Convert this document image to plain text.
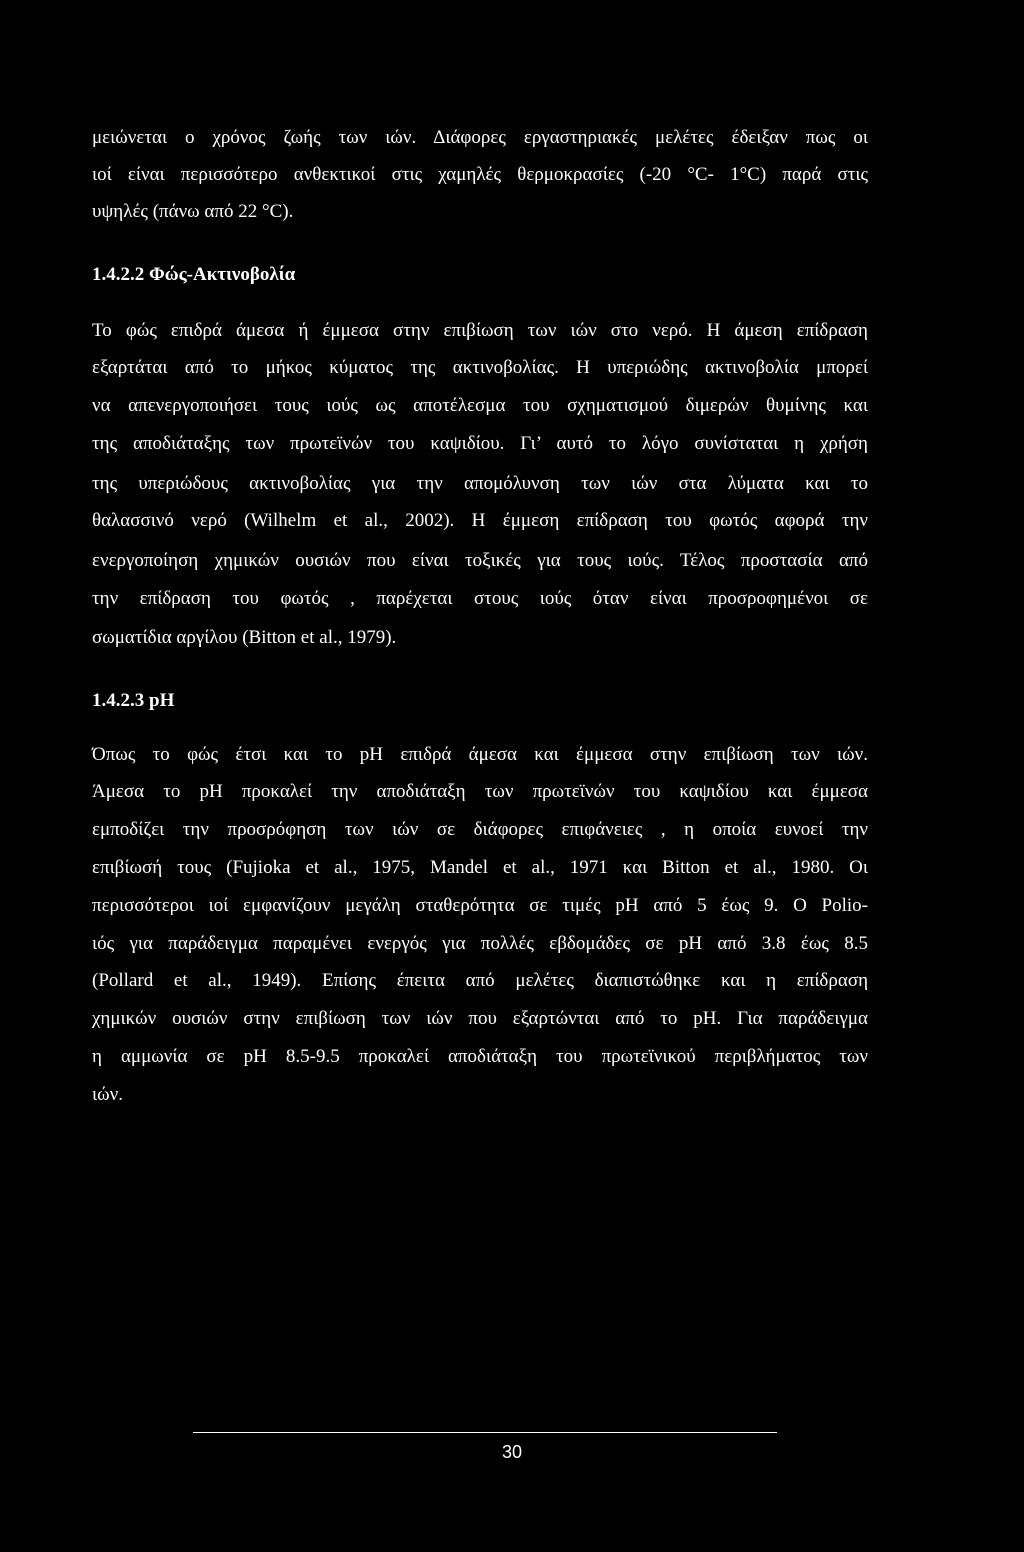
μειώνεται ο χρόνος ζωής των ιών. Διάφορες εργαστηριακές μελέτες έδειξαν πως οι
ιοί είναι περισσότερο ανθεκτικοί στις χαμηλές θερμοκρασίες (-20 °C- 1°C) παρά στις
υψηλές (πάνω από 22 °C).
1.4.2.2 Φώς-Ακτινοβολία
Το φώς επιδρά άμεσα ή έμμεσα στην επιβίωση των ιών στο νερό. Η άμεση επίδραση
εξαρτάται από το μήκος κύματος της ακτινοβολίας. Η υπεριώδης ακτινοβολία μπορεί
να απενεργοποιήσει τους ιούς ως αποτέλεσμα του σχηματισμού διμερών θυμίνης και
της αποδιάταξης των πρωτεϊνών του καψιδίου. Γι’ αυτό το λόγο συνίσταται η χρήση
της υπεριώδους ακτινοβολίας για την απομόλυνση των ιών στα λύματα και το
θαλασσινό νερό (Wilhelm et al., 2002). Η έμμεση επίδραση του φωτός αφορά την
ενεργοποίηση χημικών ουσιών που είναι τοξικές για τους ιούς. Τέλος προστασία από
την επίδραση του φωτός , παρέχεται στους ιούς όταν είναι προσροφημένοι σε
σωματίδια αργίλου (Bitton et al., 1979).
1.4.2.3 pH
Όπως το φώς έτσι και το pH επιδρά άμεσα και έμμεσα στην επιβίωση των ιών.
Άμεσα το pH προκαλεί την αποδιάταξη των πρωτεϊνών του καψιδίου και έμμεσα
εμποδίζει την προσρόφηση των ιών σε διάφορες επιφάνειες , η οποία ευνοεί την
επιβίωσή τους (Fujioka et al., 1975, Mandel et al., 1971 και Bitton et al., 1980. Οι
περισσότεροι ιοί εμφανίζουν μεγάλη σταθερότητα σε τιμές pH από 5 έως 9. Ο Polio-
ιός για παράδειγμα παραμένει ενεργός για πολλές εβδομάδες σε pH από 3.8 έως 8.5
(Pollard et al., 1949). Επίσης έπειτα από μελέτες διαπιστώθηκε και η επίδραση
χημικών ουσιών στην επιβίωση των ιών που εξαρτώνται από το pH. Για παράδειγμα
η αμμωνία σε pH 8.5-9.5 προκαλεί αποδιάταξη του πρωτεϊνικού περιβλήματος των
ιών.
30
